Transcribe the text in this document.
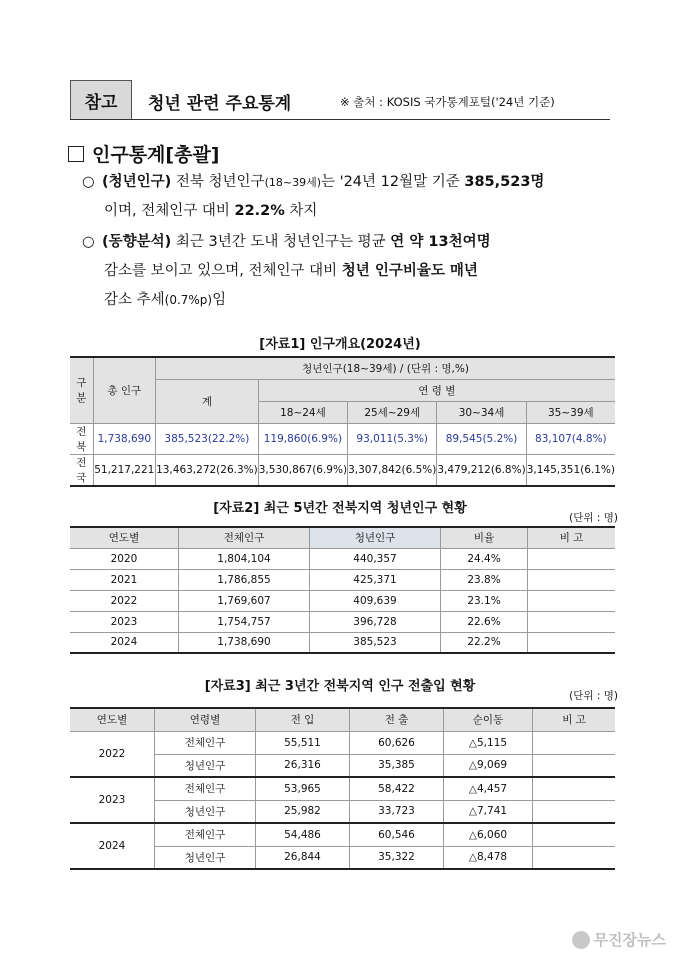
참고 청년 관련 주요통계	※ 출처 : KOSIS 국가통계포털('24년 기준)
인구통계[총괄]
○ (청년인구) 전북 청년인구(18~39세)는 '24년 12월말 기준 385,523명
이며, 전체인구 대비 22.2% 차지
○ (동향분석) 최근 3년간 도내 청년인구는 평균 연 약 13천여명
감소를 보이고 있으며, 전체인구 대비 청년 인구비율도 매년
감소 추세(0.7%p)임
[자료1] 인구개요(2024년)
구 분	총 인구	청년인구(18~39세) / (단위 : 명,%)				
		계	연 령 별			
			18~24세	25세~29세	30~34세	35~39세
전 북	1,738,690	385,523(22.2%)	119,860(6.9%)	93,011(5.3%)	89,545(5.2%)	83,107(4.8%)
전 국	51,217,221	13,463,272(26.3%)	3,530,867(6.9%)	3,307,842(6.5%)	3,479,212(6.8%)	3,145,351(6.1%)
[자료2] 최근 5년간 전북지역 청년인구 현황
(단위 : 명)
연도별	전체인구	청년인구	비율	비 고
2020	1,804,104	440,357	24.4%	
2021	1,786,855	425,371	23.8%	
2022	1,769,607	409,639	23.1%	
2023	1,754,757	396,728	22.6%	
2024	1,738,690	385,523	22.2%	
[자료3] 최근 3년간 전북지역 인구 전출입 현황
(단위 : 명)
연도별	연령별	전 입	전 출	순이동	비 고
2022	전체인구	55,511	60,626	△5,115	
	청년인구	26,316	35,385	△9,069	
2023	전체인구	53,965	58,422	△4,457	
	청년인구	25,982	33,723	△7,741	
2024	전체인구	54,486	60,546	△6,060	
	청년인구	26,844	35,322	△8,478	
무진장뉴스
